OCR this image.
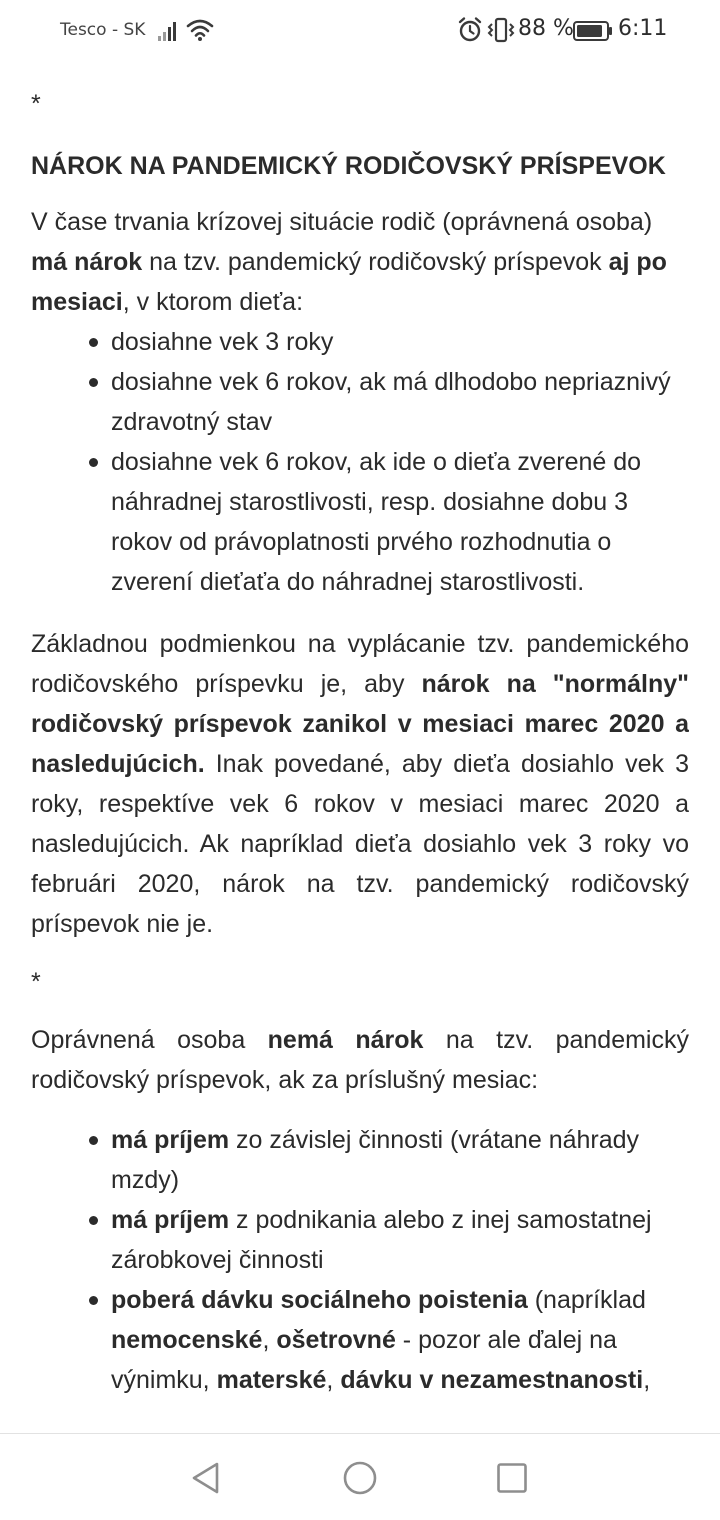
Tesco - SK	88 % 6:11
*

NÁROK NA PANDEMICKÝ RODIČOVSKÝ PRÍSPEVOK

V čase trvania krízovej situácie rodič (oprávnená osoba) má nárok na tzv. pandemický rodičovský príspevok aj po mesiaci, v ktorom dieťa:

dosiahne vek 3 roky
dosiahne vek 6 rokov, ak má dlhodobo nepriaznivý zdravotný stav
dosiahne vek 6 rokov, ak ide o dieťa zverené do náhradnej starostlivosti, resp. dosiahne dobu 3 rokov od právoplatnosti prvého rozhodnutia o zverení dieťaťa do náhradnej starostlivosti.

Základnou podmienkou na vyplácanie tzv. pandemického rodičovského príspevku je, aby nárok na "normálny" rodičovský príspevok zanikol v mesiaci marec 2020 a nasledujúcich. Inak povedané, aby dieťa dosiahlo vek 3 roky, respektíve vek 6 rokov v mesiaci marec 2020 a nasledujúcich. Ak napríklad dieťa dosiahlo vek 3 roky vo februári 2020, nárok na tzv. pandemický rodičovský príspevok nie je.

*

Oprávnená osoba nemá nárok na tzv. pandemický rodičovský príspevok, ak za príslušný mesiac:

má príjem zo závislej činnosti (vrátane náhrady mzdy)
má príjem z podnikania alebo z inej samostatnej zárobkovej činnosti
poberá dávku sociálneho poistenia (napríklad nemocenské, ošetrovné - pozor ale ďalej na výnimku, materské, dávku v nezamestnanosti,
